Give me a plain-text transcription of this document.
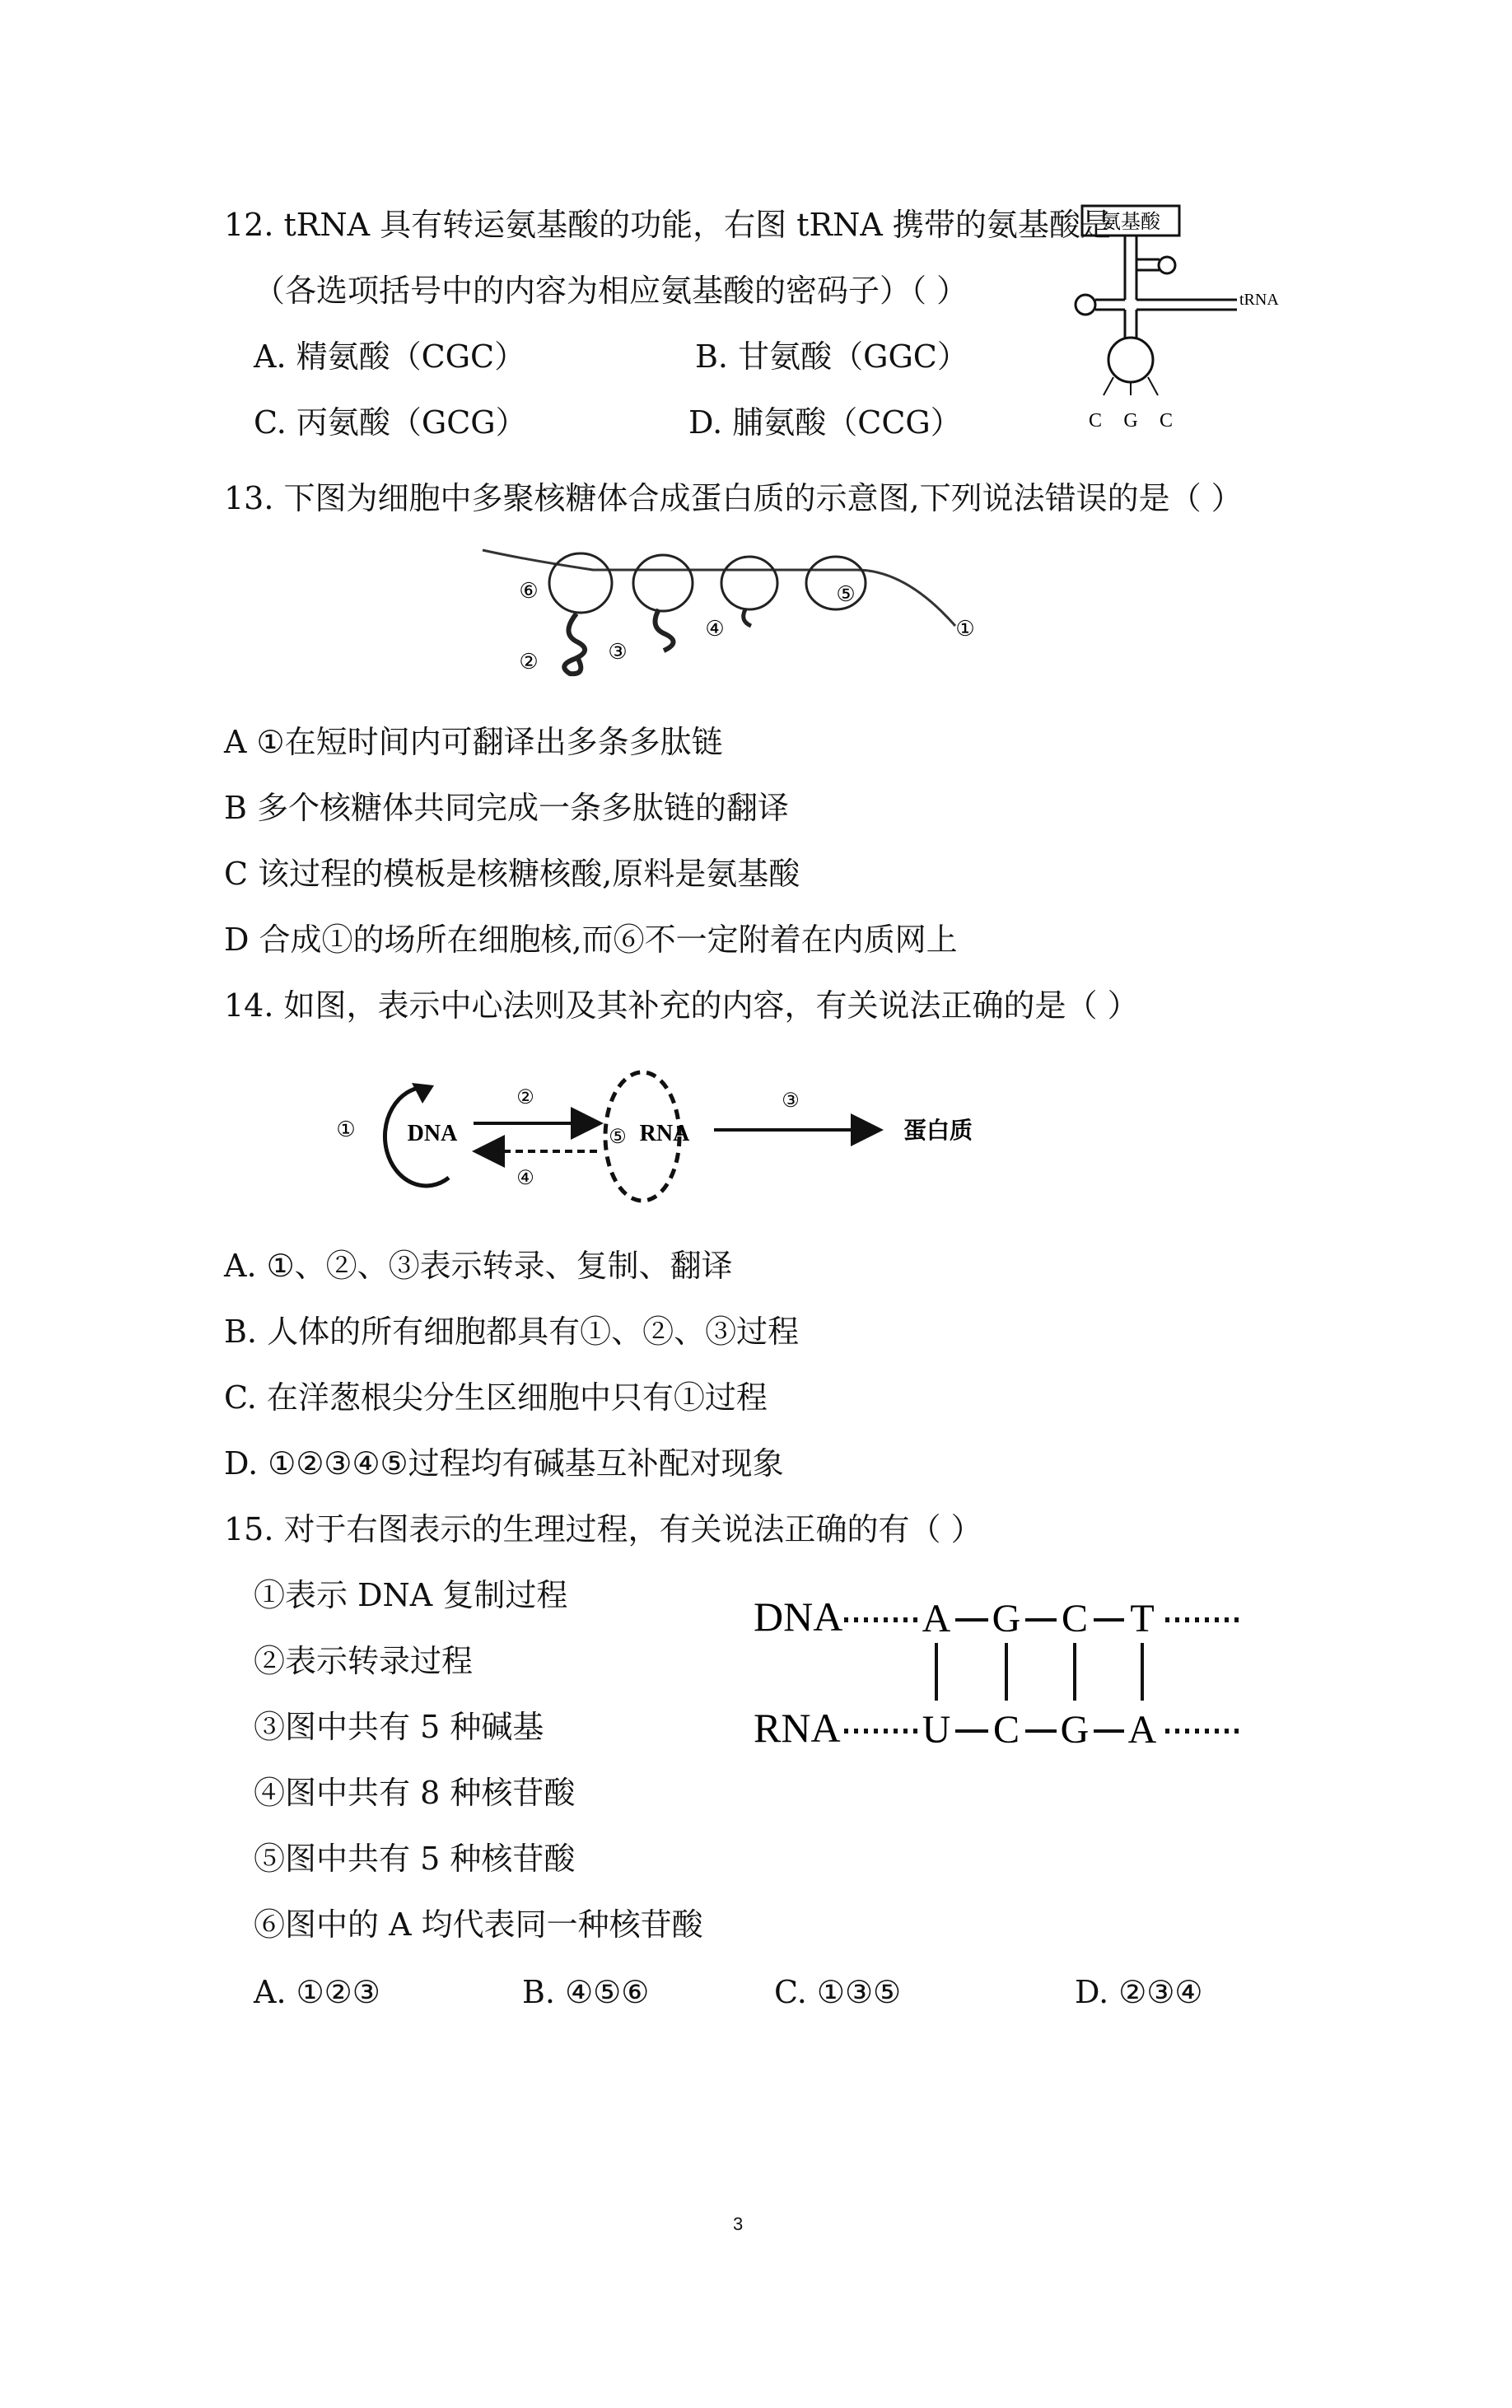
12. tRNA 具有转运氨基酸的功能，右图 tRNA 携带的氨基酸是
（各选项括号中的内容为相应氨基酸的密码子）（ ）
A. 精氨酸（CGC）	B. 甘氨酸（GGC）
C. 丙氨酸（GCG）	D. 脯氨酸（CCG）
氨基酸
tRNA
C G C
13. 下图为细胞中多聚核糖体合成蛋白质的示意图,下列说法错误的是（ ）
⑥
②	③
④
⑤
①
A ①在短时间内可翻译出多条多肽链
B 多个核糖体共同完成一条多肽链的翻译
C 该过程的模板是核糖核酸,原料是氨基酸
D 合成①的场所在细胞核,而⑥不一定附着在内质网上
14. 如图，表示中心法则及其补充的内容，有关说法正确的是（ ）
① DNA
②
④
⑤ RNA
③
蛋白质
A. ①、②、③表示转录、复制、翻译
B. 人体的所有细胞都具有①、②、③过程
C. 在洋葱根尖分生区细胞中只有①过程
D. ①②③④⑤过程均有碱基互补配对现象
15. 对于右图表示的生理过程，有关说法正确的有（ ）
①表示 DNA 复制过程
②表示转录过程
③图中共有 5 种碱基
④图中共有 8 种核苷酸
⑤图中共有 5 种核苷酸
⑥图中的 A 均代表同一种核苷酸
DNA A G C T
RNA U C G A
A. ①②③	B. ④⑤⑥	C. ①③⑤	D. ②③④
3
